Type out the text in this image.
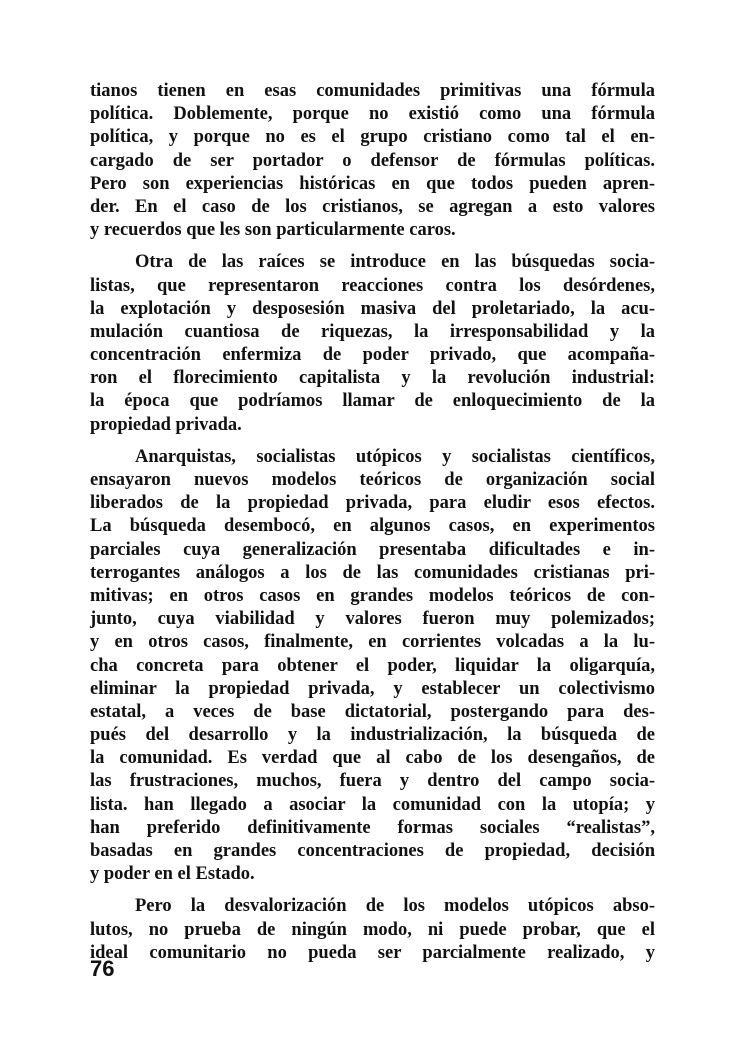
tianos tienen en esas comunidades primitivas una fórmula
política. Doblemente, porque no existió como una fórmula
política, y porque no es el grupo cristiano como tal el en-
cargado de ser portador o defensor de fórmulas políticas.
Pero son experiencias históricas en que todos pueden apren-
der. En el caso de los cristianos, se agregan a esto valores
y recuerdos que les son particularmente caros.
Otra de las raíces se introduce en las búsquedas socia-
listas, que representaron reacciones contra los desórdenes,
la explotación y desposesión masiva del proletariado, la acu-
mulación cuantiosa de riquezas, la irresponsabilidad y la
concentración enfermiza de poder privado, que acompaña-
ron el florecimiento capitalista y la revolución industrial:
la época que podríamos llamar de enloquecimiento de la
propiedad privada.
Anarquistas, socialistas utópicos y socialistas científicos,
ensayaron nuevos modelos teóricos de organización social
liberados de la propiedad privada, para eludir esos efectos.
La búsqueda desembocó, en algunos casos, en experimentos
parciales cuya generalización presentaba dificultades e in-
terrogantes análogos a los de las comunidades cristianas pri-
mitivas; en otros casos en grandes modelos teóricos de con-
junto, cuya viabilidad y valores fueron muy polemizados;
y en otros casos, finalmente, en corrientes volcadas a la lu-
cha concreta para obtener el poder, liquidar la oligarquía,
eliminar la propiedad privada, y establecer un colectivismo
estatal, a veces de base dictatorial, postergando para des-
pués del desarrollo y la industrialización, la búsqueda de
la comunidad. Es verdad que al cabo de los desengaños, de
las frustraciones, muchos, fuera y dentro del campo socia-
lista. han llegado a asociar la comunidad con la utopía; y
han preferido definitivamente formas sociales “realistas”,
basadas en grandes concentraciones de propiedad, decisión
y poder en el Estado.
Pero la desvalorización de los modelos utópicos abso-
lutos, no prueba de ningún modo, ni puede probar, que el
ideal comunitario no pueda ser parcialmente realizado, y
76
